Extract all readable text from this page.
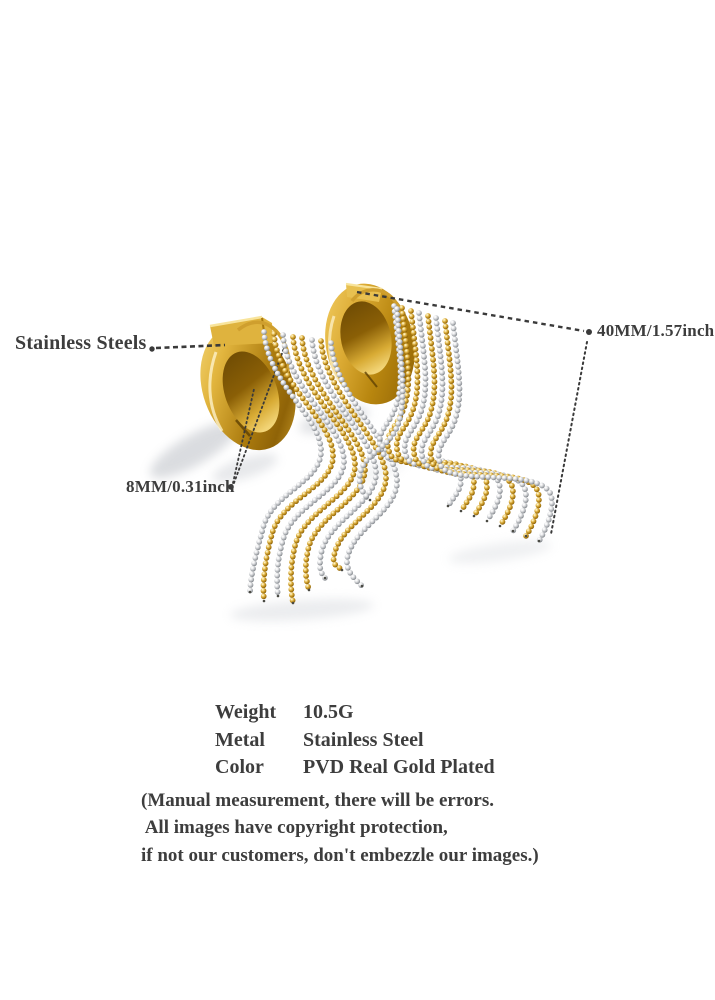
Stainless Steels
40MM/1.57inch
8MM/0.31inch
Weight	10.5G
Metal	Stainless Steel
Color	PVD Real Gold Plated
(Manual measurement, there will be errors.
All images have copyright protection,
if not our customers, don't embezzle our images.)
